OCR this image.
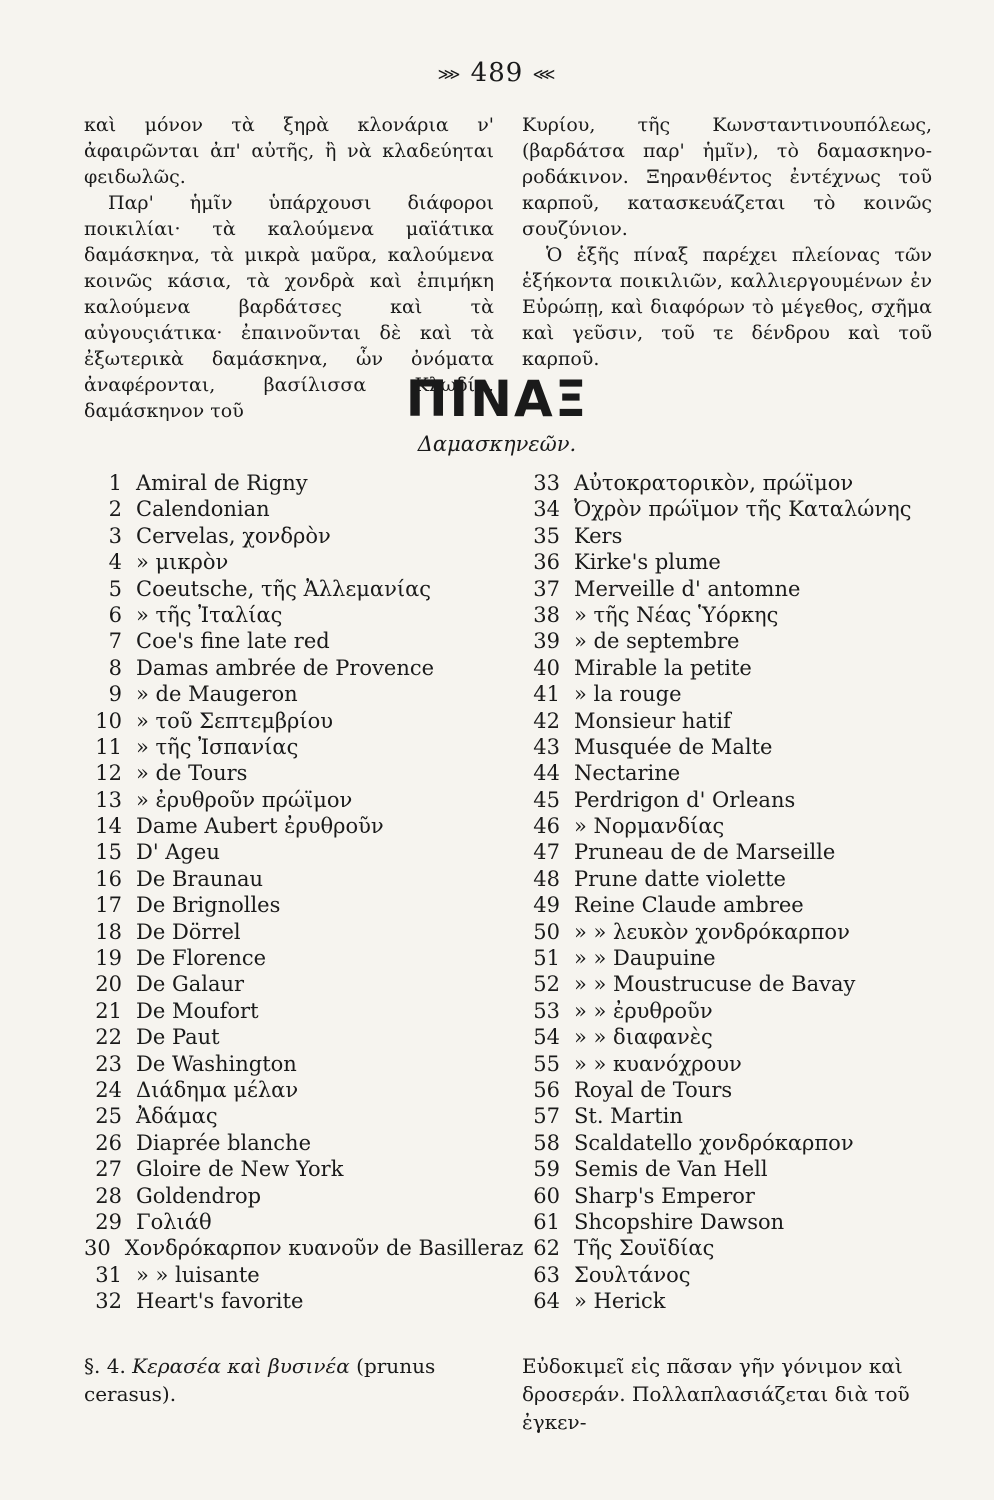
⋙ 489 ⋘

καὶ μόνον τὰ ξηρὰ κλονάρια ν' ἀφαιρῶνται ἀπ' αὐτῆς, ἢ νὰ κλαδεύηται φειδωλῶς.

Παρ' ἡμῖν ὑπάρχουσι διάφοροι ποικιλίαι· τὰ καλούμενα μαϊάτικα δαμάσκηνα, τὰ μικρὰ μαῦρα, καλούμενα κοινῶς κάσια, τὰ χονδρὰ καὶ ἐπιμήκη καλούμενα βαρδάτσες καὶ τὰ αὐγουςιάτικα· ἐπαινοῦνται δὲ καὶ τὰ ἐξωτερικὰ δαμάσκηνα, ὧν ὀνόματα ἀναφέρονται, βασίλισσα Κλωδία, δαμάσκηνον τοῦ

Κυρίου, τῆς Κωνσταντινουπόλεως, (βαρδάτσα παρ' ἡμῖν), τὸ δαμασκηνο-ροδάκινον. Ξηρανθέντος ἐντέχνως τοῦ καρποῦ, κατασκευάζεται τὸ κοινῶς σουζύνιον.

Ὁ ἑξῆς πίναξ παρέχει πλείονας τῶν ἑξήκοντα ποικιλιῶν, καλλιεργουμένων ἐν Εὐρώπῃ, καὶ διαφόρων τὸ μέγεθος, σχῆμα καὶ γεῦσιν, τοῦ τε δένδρου καὶ τοῦ καρποῦ.

ΠΙΝΑΞ
Δαμασκηνεῶν.
1 Amiral de Rigny
2 Calendonian
3 Cervelas, χονδρὸν
4 » μικρὸν
5 Coeutsche, τῆς Ἀλλεμανίας
6 » τῆς Ἰταλίας
7 Coe's fine late red
8 Damas ambrée de Provence
9 » de Maugeron
10 » τοῦ Σεπτεμβρίου
11 » τῆς Ἰσπανίας
12 » de Tours
13 » ἐρυθροῦν πρώϊμον
14 Dame Aubert ἐρυθροῦν
15 D' Ageu
16 De Braunau
17 De Brignolles
18 De Dörrel
19 De Florence
20 De Galaur
21 De Moufort
22 De Paut
23 De Washington
24 Διάδημα μέλαν
25 Ἀδάμας
26 Diaprée blanche
27 Gloire de New York
28 Goldendrop
29 Γολιάθ
30 Χονδρόκαρπον κυανοῦν de Basilleraz
31 » » luisante
32 Heart's favorite
33 Αὐτοκρατορικὸν, πρώϊμον
34 Ὀχρὸν πρώϊμον τῆς Καταλώνης
35 Kers
36 Kirke's plume
37 Merveille d' antomne
38 » τῆς Νέας Ὑόρκης
39 » de septembre
40 Mirable la petite
41 » la rouge
42 Monsieur hatif
43 Musquée de Malte
44 Nectarine
45 Perdrigon d' Orleans
46 » Νορμανδίας
47 Pruneau de de Marseille
48 Prune datte violette
49 Reine Claude ambree
50 » » λευκὸν χονδρόκαρπον
51 » » Daupuine
52 » » Moustrucuse de Bavay
53 » » ἐρυθροῦν
54 » » διαφανὲς
55 » » κυανόχρουν
56 Royal de Tours
57 St. Martin
58 Scaldatello χονδρόκαρπον
59 Semis de Van Hell
60 Sharp's Emperor
61 Shcopshire Dawson
62 Τῆς Σουϊδίας
63 Σουλτάνος
64 » Herick
§. 4. Κερασέα καὶ βυσινέα (prunus cerasus).
Εὐδοκιμεῖ εἰς πᾶσαν γῆν γόνιμον καὶ δροσεράν. Πολλαπλασιάζεται διὰ τοῦ ἐγκεν-
